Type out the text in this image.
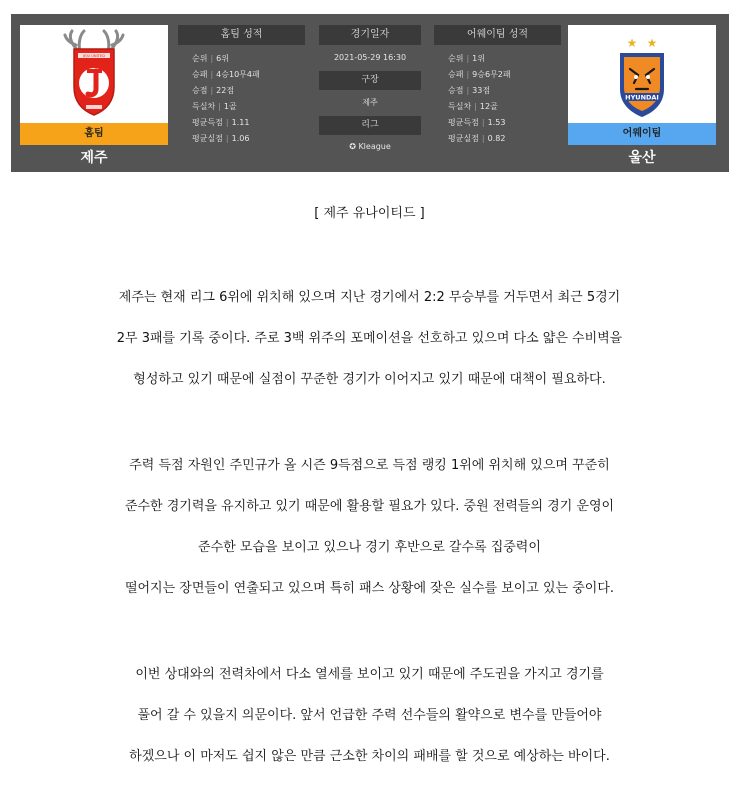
JEJU UNITED
홈팀
제주
홈팀 성적
순위 | 6위
승패 | 4승10무4패
승점 | 22점
득실차 | 1골
평균득점 | 1.11
평균실점 | 1.06
경기일자
2021-05-29 16:30
구장
제주
리그
✪ Kleague
어웨이팀 성적
순위 | 1위
승패 | 9승6무2패
승점 | 33점
득실차 | 12골
평균득점 | 1.53
평균실점 | 0.82
★ ★
HYUNDAI
어웨이팀
울산
[ 제주 유나이티드 ]

제주는 현재 리그 6위에 위치해 있으며 지난 경기에서 2:2 무승부를 거두면서 최근 5경기

2무 3패를 기록 중이다. 주로 3백 위주의 포메이션을 선호하고 있으며 다소 얇은 수비벽을

형성하고 있기 때문에 실점이 꾸준한 경기가 이어지고 있기 때문에 대책이 필요하다.

주력 득점 자원인 주민규가 올 시즌 9득점으로 득점 랭킹 1위에 위치해 있으며 꾸준히

준수한 경기력을 유지하고 있기 때문에 활용할 필요가 있다. 중원 전력들의 경기 운영이

준수한 모습을 보이고 있으나 경기 후반으로 갈수록 집중력이

떨어지는 장면들이 연출되고 있으며 특히 패스 상황에 잦은 실수를 보이고 있는 중이다.

이번 상대와의 전력차에서 다소 열세를 보이고 있기 때문에 주도권을 가지고 경기를

풀어 갈 수 있을지 의문이다. 앞서 언급한 주력 선수들의 활약으로 변수를 만들어야

하겠으나 이 마저도 쉽지 않은 만큼 근소한 차이의 패배를 할 것으로 예상하는 바이다.
